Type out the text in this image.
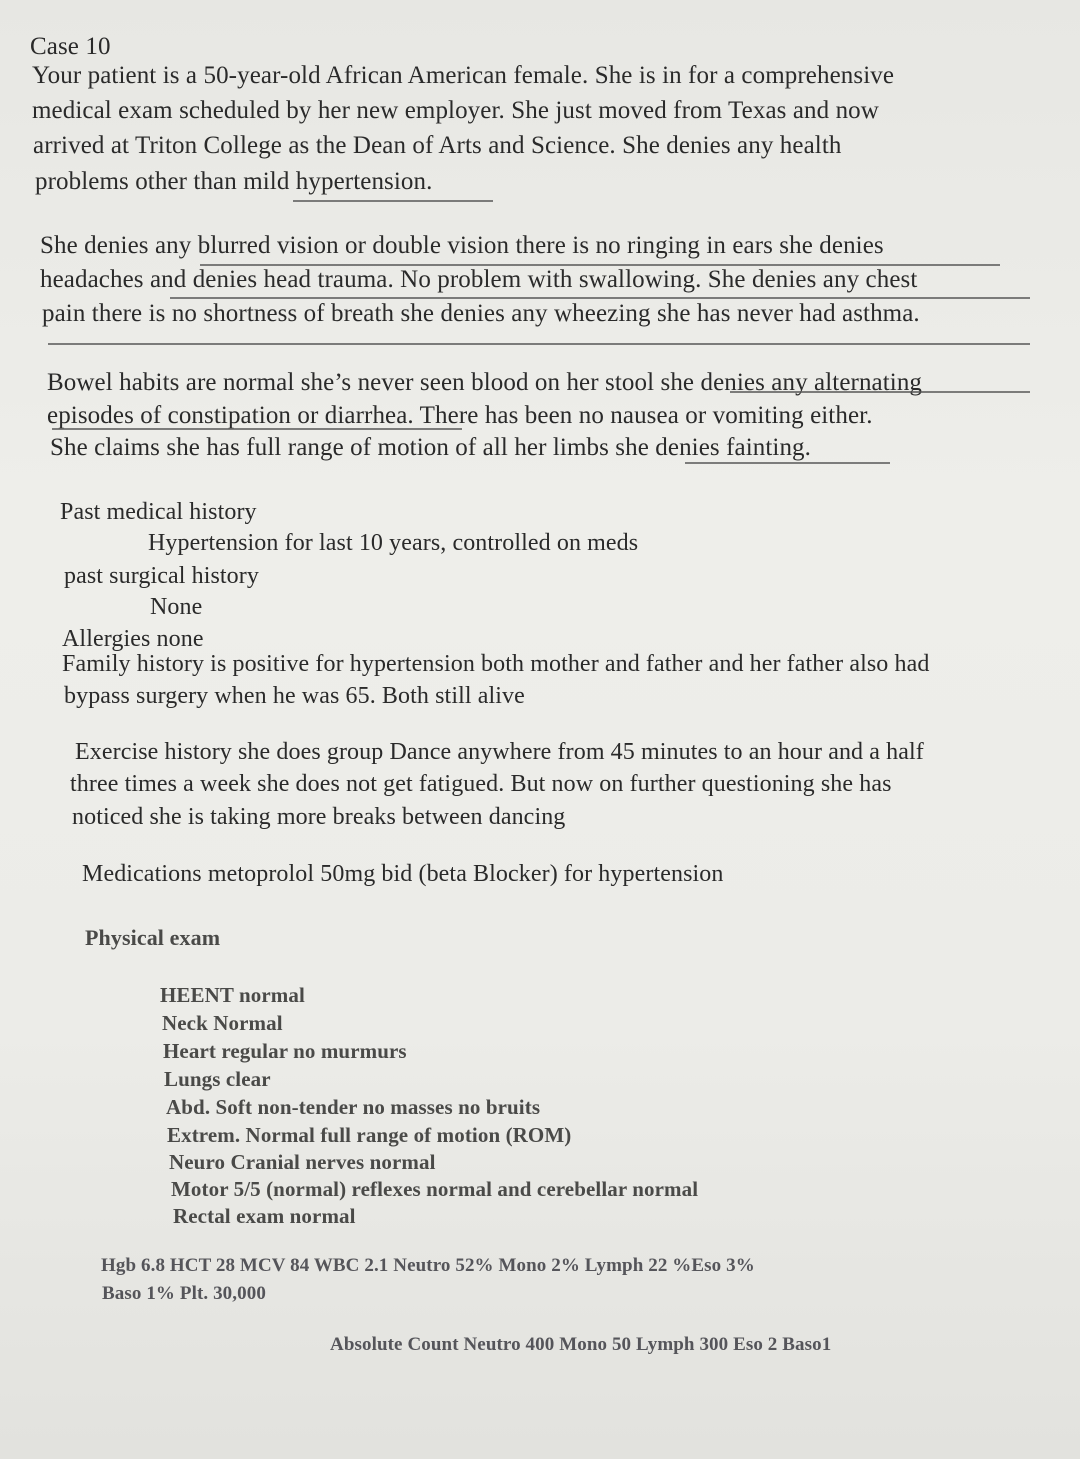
Case 10
Your patient is a 50-year-old African American female. She is in for a comprehensive
medical exam scheduled by her new employer. She just moved from Texas and now
arrived at Triton College as the Dean of Arts and Science. She denies any health
problems other than mild hypertension.
She denies any blurred vision or double vision there is no ringing in ears she denies
headaches and denies head trauma. No problem with swallowing. She denies any chest
pain there is no shortness of breath she denies any wheezing she has never had asthma.
Bowel habits are normal she’s never seen blood on her stool she denies any alternating
episodes of constipation or diarrhea. There has been no nausea or vomiting either.
She claims she has full range of motion of all her limbs she denies fainting.
Past medical history
Hypertension for last 10 years, controlled on meds
past surgical history
None
Allergies none
Family history is positive for hypertension both mother and father and her father also had
bypass surgery when he was 65. Both still alive
Exercise history she does group Dance anywhere from 45 minutes to an hour and a half
three times a week she does not get fatigued. But now on further questioning she has
noticed she is taking more breaks between dancing
Medications metoprolol 50mg bid (beta Blocker) for hypertension
Physical exam
HEENT normal
Neck Normal
Heart regular no murmurs
Lungs clear
Abd. Soft non-tender no masses no bruits
Extrem. Normal full range of motion (ROM)
Neuro Cranial nerves normal
Motor 5/5 (normal) reflexes normal and cerebellar normal
Rectal exam normal
Hgb 6.8 HCT 28 MCV 84 WBC 2.1 Neutro 52% Mono 2% Lymph 22 %Eso 3%
Baso 1% Plt. 30,000
Absolute Count Neutro 400 Mono 50 Lymph 300 Eso 2 Baso1
